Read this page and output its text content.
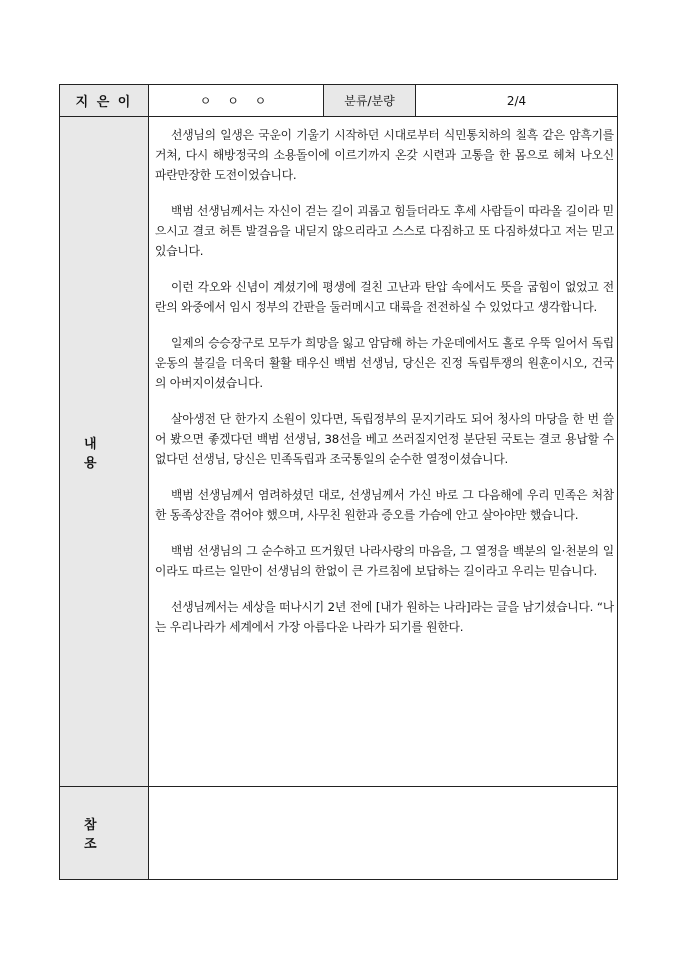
지 은 이	ㅇ ㅇ ㅇ	분류/분량	2/4
내 용

선생님의 일생은 국운이 기울기 시작하던 시대로부터 식민통치하의 칠흑 같은 암흑기를 거쳐, 다시 해방정국의 소용돌이에 이르기까지 온갖 시련과 고통을 한 몸으로 헤쳐 나오신 파란만장한 도전이었습니다.

백범 선생님께서는 자신이 걷는 길이 괴롭고 힘들더라도 후세 사람들이 따라올 길이라 믿으시고 결코 허튼 발걸음을 내딛지 않으리라고 스스로 다짐하고 또 다짐하셨다고 저는 믿고 있습니다.

이런 각오와 신념이 계셨기에 평생에 걸친 고난과 탄압 속에서도 뜻을 굽힘이 없었고 전란의 와중에서 임시 정부의 간판을 둘러메시고 대륙을 전전하실 수 있었다고 생각합니다.

일제의 승승장구로 모두가 희망을 잃고 암담해 하는 가운데에서도 홀로 우뚝 일어서 독립운동의 불길을 더욱더 활활 태우신 백범 선생님, 당신은 진정 독립투쟁의 원훈이시오, 건국의 아버지이셨습니다.

살아생전 단 한가지 소원이 있다면, 독립정부의 문지기라도 되어 청사의 마당을 한 번 쓸어 봤으면 좋겠다던 백범 선생님, 38선을 베고 쓰러질지언정 분단된 국토는 결코 용납할 수 없다던 선생님, 당신은 민족독립과 조국통일의 순수한 열정이셨습니다.

백범 선생님께서 염려하셨던 대로, 선생님께서 가신 바로 그 다음해에 우리 민족은 처참한 동족상잔을 겪어야 했으며, 사무친 원한과 증오를 가슴에 안고 살아야만 했습니다.

백범 선생님의 그 순수하고 뜨거웠던 나라사랑의 마음을, 그 열정을 백분의 일·천분의 일이라도 따르는 일만이 선생님의 한없이 큰 가르침에 보답하는 길이라고 우리는 믿습니다.

선생님께서는 세상을 떠나시기 2년 전에 [내가 원하는 나라]라는 글을 남기셨습니다. “나는 우리나라가 세계에서 가장 아름다운 나라가 되기를 원한다.

참 조
